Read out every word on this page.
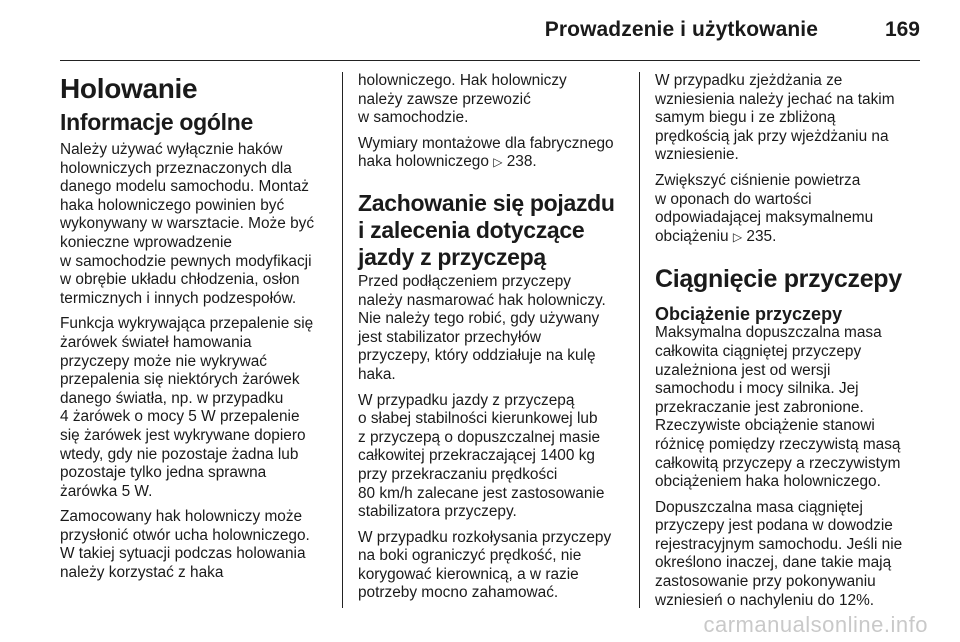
Prowadzenie i użytkowanie	169
Holowanie
Informacje ogólne

Należy używać wyłącznie haków
holowniczych przeznaczonych dla
danego modelu samochodu. Montaż
haka holowniczego powinien być
wykonywany w warsztacie. Może być
konieczne wprowadzenie
w samochodzie pewnych modyfikacji
w obrębie układu chłodzenia, osłon
termicznych i innych podzespołów.

Funkcja wykrywająca przepalenie się
żarówek świateł hamowania
przyczepy może nie wykrywać
przepalenia się niektórych żarówek
danego światła, np. w przypadku
4 żarówek o mocy 5 W przepalenie
się żarówek jest wykrywane dopiero
wtedy, gdy nie pozostaje żadna lub
pozostaje tylko jedna sprawna
żarówka 5 W.

Zamocowany hak holowniczy może
przysłonić otwór ucha holowniczego.
W takiej sytuacji podczas holowania
należy korzystać z haka

holowniczego. Hak holowniczy
należy zawsze przewozić
w samochodzie.

Wymiary montażowe dla fabrycznego
haka holowniczego ▷ 238.

Zachowanie się pojazdu
i zalecenia dotyczące
jazdy z przyczepą

Przed podłączeniem przyczepy
należy nasmarować hak holowniczy.
Nie należy tego robić, gdy używany
jest stabilizator przechyłów
przyczepy, który oddziałuje na kulę
haka.

W przypadku jazdy z przyczepą
o słabej stabilności kierunkowej lub
z przyczepą o dopuszczalnej masie
całkowitej przekraczającej 1400 kg
przy przekraczaniu prędkości
80 km/h zalecane jest zastosowanie
stabilizatora przyczepy.

W przypadku rozkołysania przyczepy
na boki ograniczyć prędkość, nie
korygować kierownicą, a w razie
potrzeby mocno zahamować.

W przypadku zjeżdżania ze
wzniesienia należy jechać na takim
samym biegu i ze zbliżoną
prędkością jak przy wjeżdżaniu na
wzniesienie.

Zwiększyć ciśnienie powietrza
w oponach do wartości
odpowiadającej maksymalnemu
obciążeniu ▷ 235.

Ciągnięcie przyczepy
Obciążenie przyczepy

Maksymalna dopuszczalna masa
całkowita ciągniętej przyczepy
uzależniona jest od wersji
samochodu i mocy silnika. Jej
przekraczanie jest zabronione.
Rzeczywiste obciążenie stanowi
różnicę pomiędzy rzeczywistą masą
całkowitą przyczepy a rzeczywistym
obciążeniem haka holowniczego.

Dopuszczalna masa ciągniętej
przyczepy jest podana w dowodzie
rejestracyjnym samochodu. Jeśli nie
określono inaczej, dane takie mają
zastosowanie przy pokonywaniu
wzniesień o nachyleniu do 12%.

carmanualsonline.info
